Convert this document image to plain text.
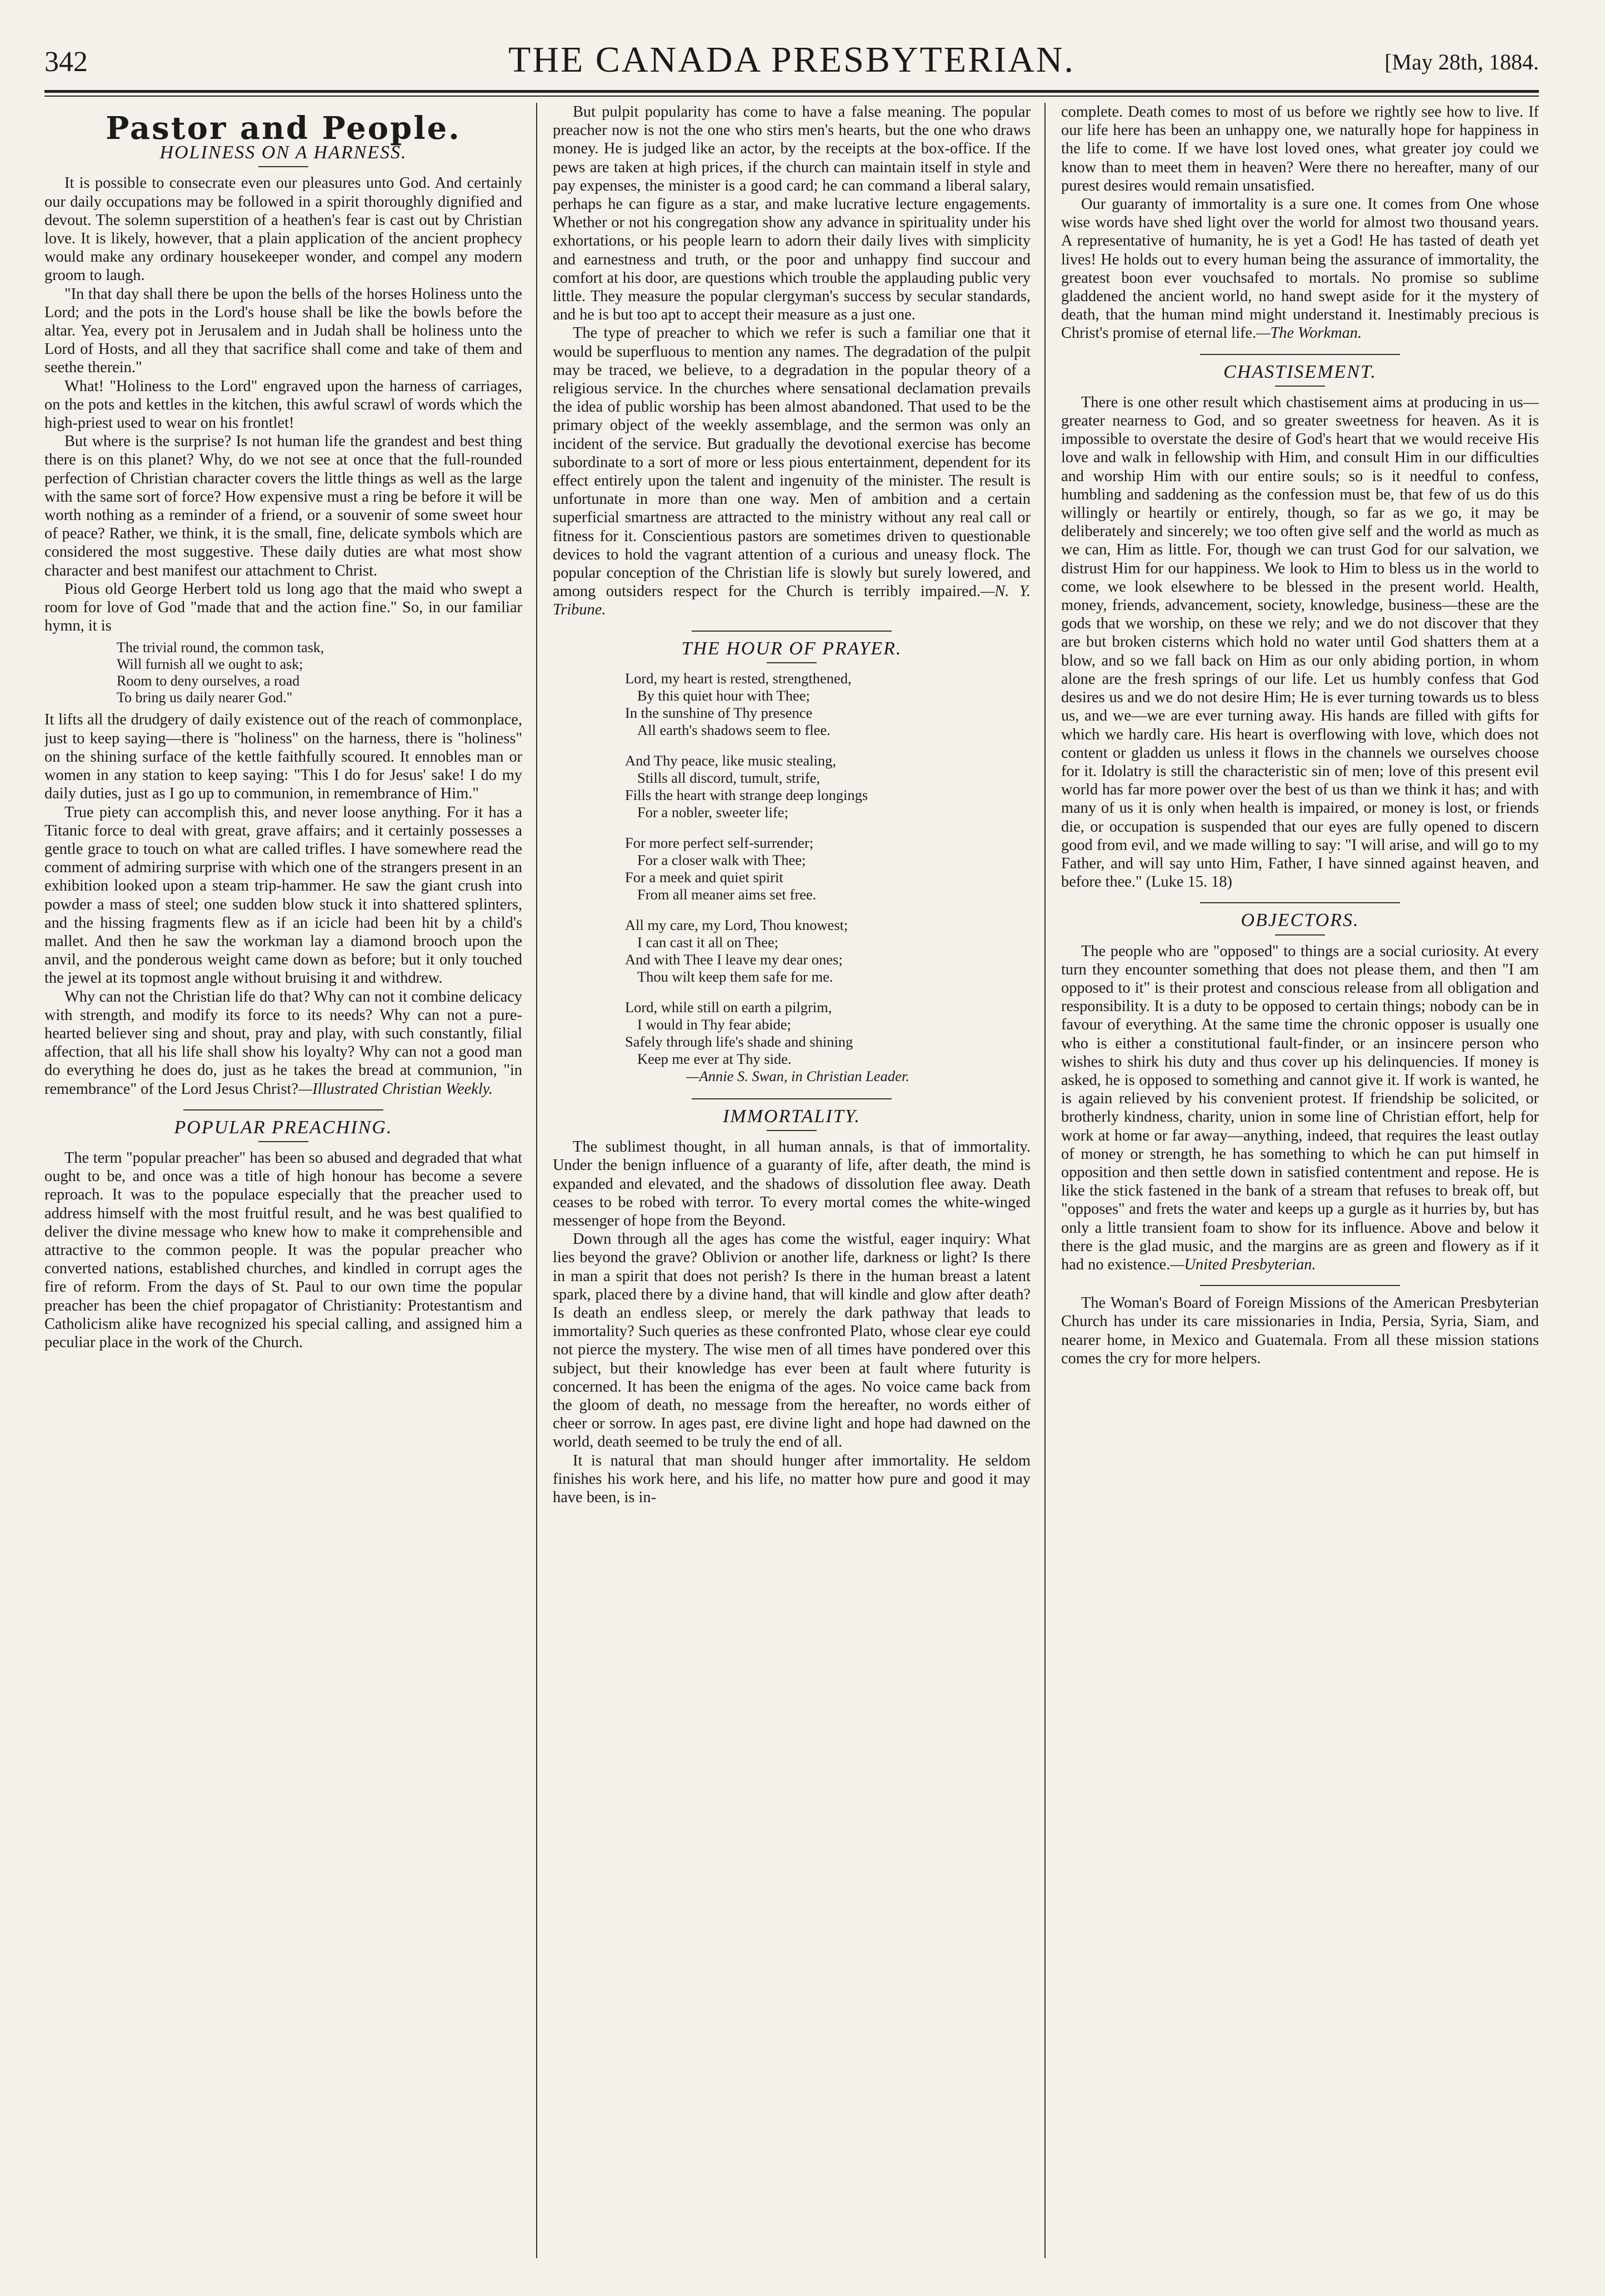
342	THE CANADA PRESBYTERIAN.	[May 28th, 1884.
Pastor and People.
HOLINESS ON A HARNESS.

It is possible to consecrate even our pleasures unto God. And certainly our daily occupations may be followed in a spirit thoroughly dignified and devout. The solemn superstition of a heathen's fear is cast out by Christian love. It is likely, however, that a plain application of the ancient prophecy would make any ordinary housekeeper wonder, and compel any modern groom to laugh.

"In that day shall there be upon the bells of the horses Holiness unto the Lord; and the pots in the Lord's house shall be like the bowls before the altar. Yea, every pot in Jerusalem and in Judah shall be holiness unto the Lord of Hosts, and all they that sacrifice shall come and take of them and seethe therein."

What! "Holiness to the Lord" engraved upon the harness of carriages, on the pots and kettles in the kitchen, this awful scrawl of words which the high-priest used to wear on his frontlet!

But where is the surprise? Is not human life the grandest and best thing there is on this planet? Why, do we not see at once that the full-rounded perfection of Christian character covers the little things as well as the large with the same sort of force? How expensive must a ring be before it will be worth nothing as a reminder of a friend, or a souvenir of some sweet hour of peace? Rather, we think, it is the small, fine, delicate symbols which are considered the most suggestive. These daily duties are what most show character and best manifest our attachment to Christ.

Pious old George Herbert told us long ago that the maid who swept a room for love of God "made that and the action fine." So, in our familiar hymn, it is

The trivial round, the common task,
Will furnish all we ought to ask;
Room to deny ourselves, a road
To bring us daily nearer God."

It lifts all the drudgery of daily existence out of the reach of commonplace, just to keep saying—there is "holiness" on the harness, there is "holiness" on the shining surface of the kettle faithfully scoured. It ennobles man or women in any station to keep saying: "This I do for Jesus' sake! I do my daily duties, just as I go up to communion, in remembrance of Him."

True piety can accomplish this, and never loose anything. For it has a Titanic force to deal with great, grave affairs; and it certainly possesses a gentle grace to touch on what are called trifles. I have somewhere read the comment of admiring surprise with which one of the strangers present in an exhibition looked upon a steam trip-hammer. He saw the giant crush into powder a mass of steel; one sudden blow stuck it into shattered splinters, and the hissing fragments flew as if an icicle had been hit by a child's mallet. And then he saw the workman lay a diamond brooch upon the anvil, and the ponderous weight came down as before; but it only touched the jewel at its topmost angle without bruising it and withdrew.

Why can not the Christian life do that? Why can not it combine delicacy with strength, and modify its force to its needs? Why can not a pure-hearted believer sing and shout, pray and play, with such constantly, filial affection, that all his life shall show his loyalty? Why can not a good man do everything he does do, just as he takes the bread at communion, "in remembrance" of the Lord Jesus Christ?—Illustrated Christian Weekly.

POPULAR PREACHING.

The term "popular preacher" has been so abused and degraded that what ought to be, and once was a title of high honour has become a severe reproach. It was to the populace especially that the preacher used to address himself with the most fruitful result, and he was best qualified to deliver the divine message who knew how to make it comprehensible and attractive to the common people. It was the popular preacher who converted nations, established churches, and kindled in corrupt ages the fire of reform. From the days of St. Paul to our own time the popular preacher has been the chief propagator of Christianity: Protestantism and Catholicism alike have recognized his special calling, and assigned him a peculiar place in the work of the Church.

But pulpit popularity has come to have a false meaning. The popular preacher now is not the one who stirs men's hearts, but the one who draws money. He is judged like an actor, by the receipts at the box-office. If the pews are taken at high prices, if the church can maintain itself in style and pay expenses, the minister is a good card; he can command a liberal salary, perhaps he can figure as a star, and make lucrative lecture engagements. Whether or not his congregation show any advance in spirituality under his exhortations, or his people learn to adorn their daily lives with simplicity and earnestness and truth, or the poor and unhappy find succour and comfort at his door, are questions which trouble the applauding public very little. They measure the popular clergyman's success by secular standards, and he is but too apt to accept their measure as a just one.

The type of preacher to which we refer is such a familiar one that it would be superfluous to mention any names. The degradation of the pulpit may be traced, we believe, to a degradation in the popular theory of a religious service. In the churches where sensational declamation prevails the idea of public worship has been almost abandoned. That used to be the primary object of the weekly assemblage, and the sermon was only an incident of the service. But gradually the devotional exercise has become subordinate to a sort of more or less pious entertainment, dependent for its effect entirely upon the talent and ingenuity of the minister. The result is unfortunate in more than one way. Men of ambition and a certain superficial smartness are attracted to the ministry without any real call or fitness for it. Conscientious pastors are sometimes driven to questionable devices to hold the vagrant attention of a curious and uneasy flock. The popular conception of the Christian life is slowly but surely lowered, and among outsiders respect for the Church is terribly impaired.—N. Y. Tribune.

THE HOUR OF PRAYER.
Lord, my heart is rested, strengthened,
By this quiet hour with Thee;
In the sunshine of Thy presence
All earth's shadows seem to flee.
And Thy peace, like music stealing,
Stills all discord, tumult, strife,
Fills the heart with strange deep longings
For a nobler, sweeter life;
For more perfect self-surrender;
For a closer walk with Thee;
For a meek and quiet spirit
From all meaner aims set free.
All my care, my Lord, Thou knowest;
I can cast it all on Thee;
And with Thee I leave my dear ones;
Thou wilt keep them safe for me.
Lord, while still on earth a pilgrim,
I would in Thy fear abide;
Safely through life's shade and shining
Keep me ever at Thy side.
—Annie S. Swan, in Christian Leader.
IMMORTALITY.

The sublimest thought, in all human annals, is that of immortality. Under the benign influence of a guaranty of life, after death, the mind is expanded and elevated, and the shadows of dissolution flee away. Death ceases to be robed with terror. To every mortal comes the white-winged messenger of hope from the Beyond.

Down through all the ages has come the wistful, eager inquiry: What lies beyond the grave? Oblivion or another life, darkness or light? Is there in man a spirit that does not perish? Is there in the human breast a latent spark, placed there by a divine hand, that will kindle and glow after death? Is death an endless sleep, or merely the dark pathway that leads to immortality? Such queries as these confronted Plato, whose clear eye could not pierce the mystery. The wise men of all times have pondered over this subject, but their knowledge has ever been at fault where futurity is concerned. It has been the enigma of the ages. No voice came back from the gloom of death, no message from the hereafter, no words either of cheer or sorrow. In ages past, ere divine light and hope had dawned on the world, death seemed to be truly the end of all.

It is natural that man should hunger after immortality. He seldom finishes his work here, and his life, no matter how pure and good it may have been, is in-

complete. Death comes to most of us before we rightly see how to live. If our life here has been an unhappy one, we naturally hope for happiness in the life to come. If we have lost loved ones, what greater joy could we know than to meet them in heaven? Were there no hereafter, many of our purest desires would remain unsatisfied.

Our guaranty of immortality is a sure one. It comes from One whose wise words have shed light over the world for almost two thousand years. A representative of humanity, he is yet a God! He has tasted of death yet lives! He holds out to every human being the assurance of immortality, the greatest boon ever vouchsafed to mortals. No promise so sublime gladdened the ancient world, no hand swept aside for it the mystery of death, that the human mind might understand it. Inestimably precious is Christ's promise of eternal life.—The Workman.

CHASTISEMENT.

There is one other result which chastisement aims at producing in us—greater nearness to God, and so greater sweetness for heaven. As it is impossible to overstate the desire of God's heart that we would receive His love and walk in fellowship with Him, and consult Him in our difficulties and worship Him with our entire souls; so is it needful to confess, humbling and saddening as the confession must be, that few of us do this willingly or heartily or entirely, though, so far as we go, it may be deliberately and sincerely; we too often give self and the world as much as we can, Him as little. For, though we can trust God for our salvation, we distrust Him for our happiness. We look to Him to bless us in the world to come, we look elsewhere to be blessed in the present world. Health, money, friends, advancement, society, knowledge, business—these are the gods that we worship, on these we rely; and we do not discover that they are but broken cisterns which hold no water until God shatters them at a blow, and so we fall back on Him as our only abiding portion, in whom alone are the fresh springs of our life. Let us humbly confess that God desires us and we do not desire Him; He is ever turning towards us to bless us, and we—we are ever turning away. His hands are filled with gifts for which we hardly care. His heart is overflowing with love, which does not content or gladden us unless it flows in the channels we ourselves choose for it. Idolatry is still the characteristic sin of men; love of this present evil world has far more power over the best of us than we think it has; and with many of us it is only when health is impaired, or money is lost, or friends die, or occupation is suspended that our eyes are fully opened to discern good from evil, and we made willing to say: "I will arise, and will go to my Father, and will say unto Him, Father, I have sinned against heaven, and before thee." (Luke 15. 18)

OBJECTORS.

The people who are "opposed" to things are a social curiosity. At every turn they encounter something that does not please them, and then "I am opposed to it" is their protest and conscious release from all obligation and responsibility. It is a duty to be opposed to certain things; nobody can be in favour of everything. At the same time the chronic opposer is usually one who is either a constitutional fault-finder, or an insincere person who wishes to shirk his duty and thus cover up his delinquencies. If money is asked, he is opposed to something and cannot give it. If work is wanted, he is again relieved by his convenient protest. If friendship be solicited, or brotherly kindness, charity, union in some line of Christian effort, help for work at home or far away—anything, indeed, that requires the least outlay of money or strength, he has something to which he can put himself in opposition and then settle down in satisfied contentment and repose. He is like the stick fastened in the bank of a stream that refuses to break off, but "opposes" and frets the water and keeps up a gurgle as it hurries by, but has only a little transient foam to show for its influence. Above and below it there is the glad music, and the margins are as green and flowery as if it had no existence.—United Presbyterian.

The Woman's Board of Foreign Missions of the American Presbyterian Church has under its care missionaries in India, Persia, Syria, Siam, and nearer home, in Mexico and Guatemala. From all these mission stations comes the cry for more helpers.
